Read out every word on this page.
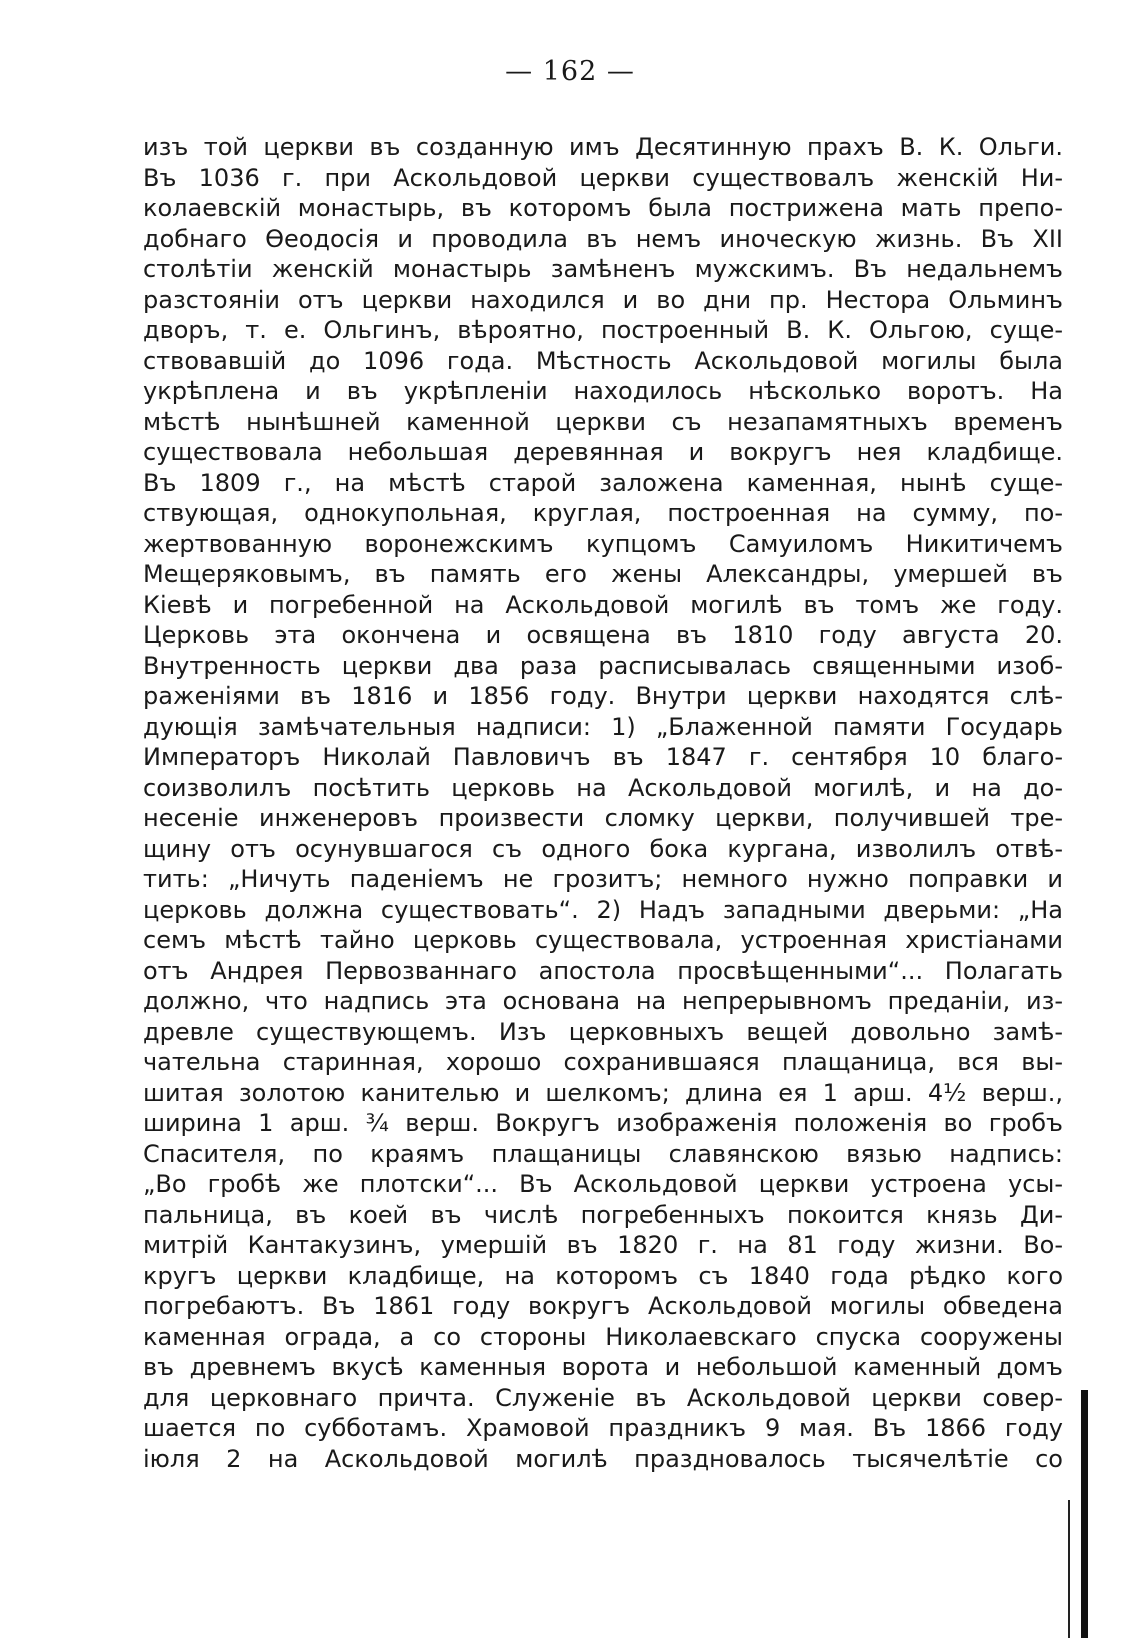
— 162 —
изъ той церкви въ созданную имъ Десятинную прахъ В. К. Ольги.
Въ 1036 г. при Аскольдовой церкви существовалъ женскій Ни-
колаевскій монастырь, въ которомъ была пострижена мать препо-
добнаго Ѳеодосія и проводила въ немъ иноческую жизнь. Въ XII
столѣтіи женскій монастырь замѣненъ мужскимъ. Въ недальнемъ
разстояніи отъ церкви находился и во дни пр. Нестора Ольминъ
дворъ, т. е. Ольгинъ, вѣроятно, построенный В. К. Ольгою, суще-
ствовавшій до 1096 года. Мѣстность Аскольдовой могилы была
укрѣплена и въ укрѣпленіи находилось нѣсколько воротъ. На
мѣстѣ нынѣшней каменной церкви съ незапамятныхъ временъ
существовала небольшая деревянная и вокругъ нея кладбище.
Въ 1809 г., на мѣстѣ старой заложена каменная, нынѣ суще-
ствующая, однокупольная, круглая, построенная на сумму, по-
жертвованную воронежскимъ купцомъ Самуиломъ Никитичемъ
Мещеряковымъ, въ память его жены Александры, умершей въ
Кіевѣ и погребенной на Аскольдовой могилѣ въ томъ же году.
Церковь эта окончена и освящена въ 1810 году августа 20.
Внутренность церкви два раза расписывалась священными изоб-
раженіями въ 1816 и 1856 году. Внутри церкви находятся слѣ-
дующія замѣчательныя надписи: 1) „Блаженной памяти Государь
Императоръ Николай Павловичъ въ 1847 г. сентября 10 благо-
соизволилъ посѣтить церковь на Аскольдовой могилѣ, и на до-
несеніе инженеровъ произвести сломку церкви, получившей тре-
щину отъ осунувшагося съ одного бока кургана, изволилъ отвѣ-
тить: „Ничуть паденіемъ не грозитъ; немного нужно поправки и
церковь должна существовать“. 2) Надъ западными дверьми: „На
семъ мѣстѣ тайно церковь существовала, устроенная христіанами
отъ Андрея Первозваннаго апостола просвѣщенными“... Полагать
должно, что надпись эта основана на непрерывномъ преданіи, из-
древле существующемъ. Изъ церковныхъ вещей довольно замѣ-
чательна старинная, хорошо сохранившаяся плащаница, вся вы-
шитая золотою канителью и шелкомъ; длина ея 1 арш. 4½ верш.,
ширина 1 арш. ¾ верш. Вокругъ изображенія положенія во гробъ
Спасителя, по краямъ плащаницы славянскою вязью надпись:
„Во гробѣ же плотски“... Въ Аскольдовой церкви устроена усы-
пальница, въ коей въ числѣ погребенныхъ покоится князь Ди-
митрій Кантакузинъ, умершій въ 1820 г. на 81 году жизни. Во-
кругъ церкви кладбище, на которомъ съ 1840 года рѣдко кого
погребаютъ. Въ 1861 году вокругъ Аскольдовой могилы обведена
каменная ограда, а со стороны Николаевскаго спуска сооружены
въ древнемъ вкусѣ каменныя ворота и небольшой каменный домъ
для церковнаго причта. Служеніе въ Аскольдовой церкви совер-
шается по субботамъ. Храмовой праздникъ 9 мая. Въ 1866 году
іюля 2 на Аскольдовой могилѣ праздновалось тысячелѣтіе со
